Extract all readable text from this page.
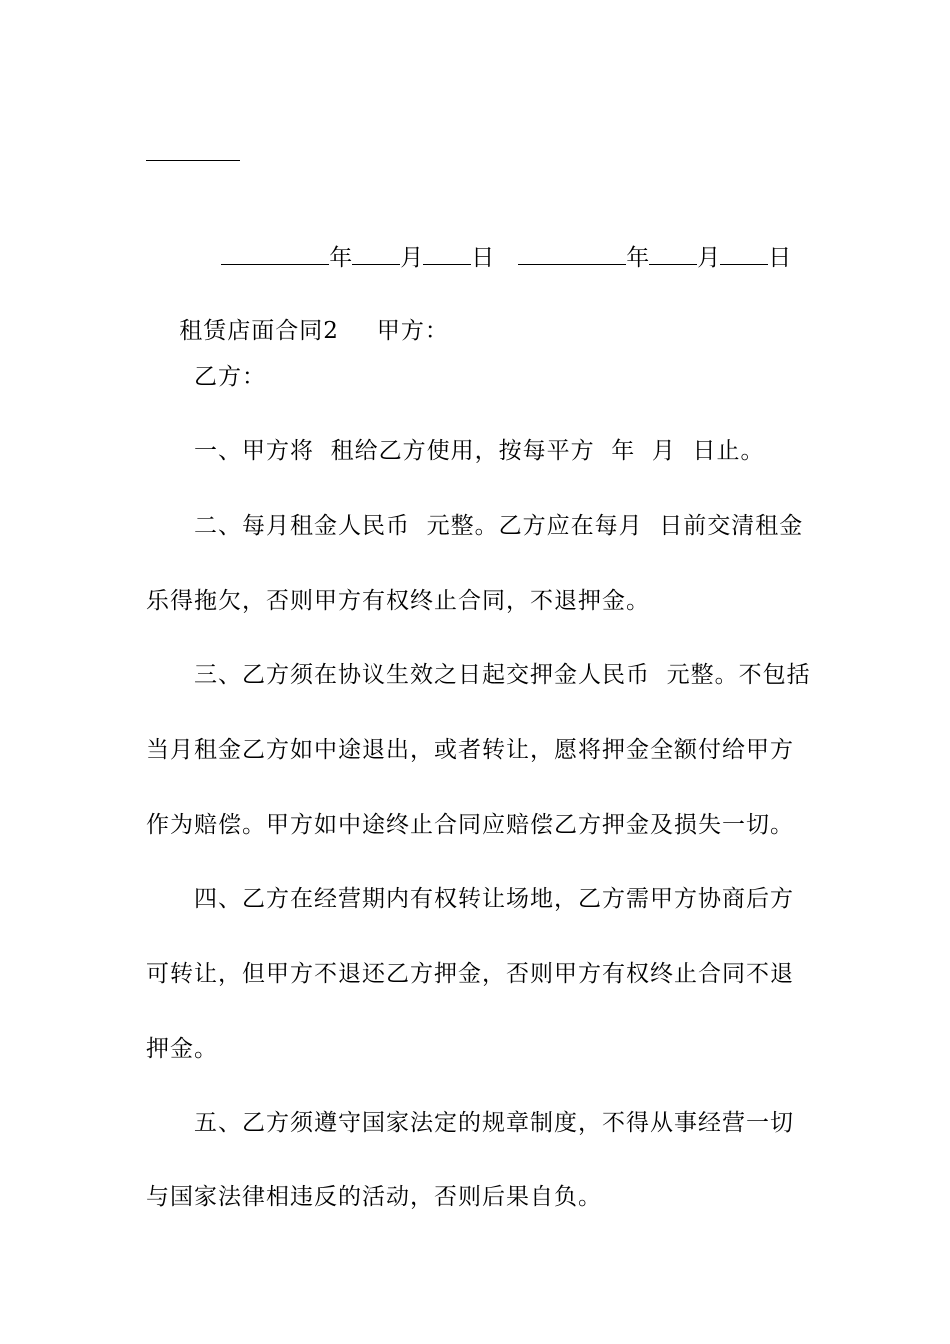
年 月 日	年 月 日

租赁店面合同2 甲方：

乙方：
一、甲方将  租给乙方使用，按每平方  年  月  日止。
二、每月租金人民币  元整。乙方应在每月  日前交清租金
乐得拖欠，否则甲方有权终止合同，不退押金。
三、乙方须在协议生效之日起交押金人民币  元整。不包括
当月租金乙方如中途退出，或者转让，愿将押金全额付给甲方
作为赔偿。甲方如中途终止合同应赔偿乙方押金及损失一切。
四、乙方在经营期内有权转让场地，乙方需甲方协商后方
可转让，但甲方不退还乙方押金，否则甲方有权终止合同不退
押金。
五、乙方须遵守国家法定的规章制度，不得从事经营一切
与国家法律相违反的活动，否则后果自负。
